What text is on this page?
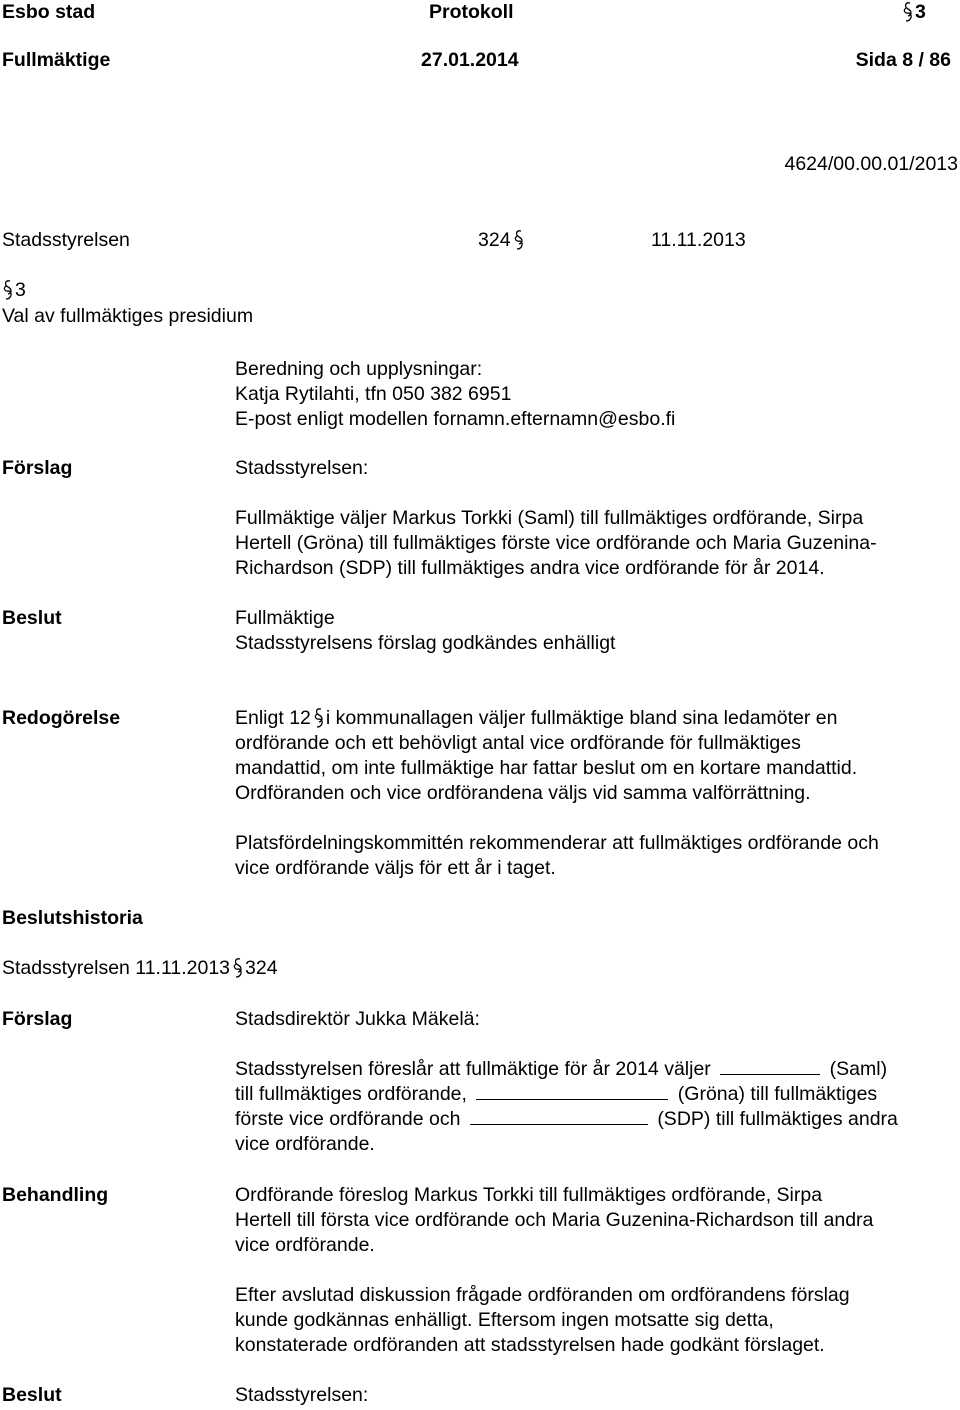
Esbo stad	Protokoll	3
Fullmäktige	27.01.2014	Sida 8 / 86
4624/00.00.01/2013
Stadsstyrelsen	324	11.11.2013
3
Val av fullmäktiges presidium
Beredning och upplysningar:
Katja Rytilahti, tfn 050 382 6951
E-post enligt modellen fornamn.efternamn@esbo.fi
Förslag	Stadsstyrelsen:
Fullmäktige väljer Markus Torkki (Saml) till fullmäktiges ordförande, Sirpa
Hertell (Gröna) till fullmäktiges förste vice ordförande och Maria Guzenina-
Richardson (SDP) till fullmäktiges andra vice ordförande för år 2014.
Beslut	Fullmäktige
Stadsstyrelsens förslag godkändes enhälligt
Redogörelse	Enligt 12 i kommunallagen väljer fullmäktige bland sina ledamöter en
ordförande och ett behövligt antal vice ordförande för fullmäktiges
mandattid, om inte fullmäktige har fattar beslut om en kortare mandattid.
Ordföranden och vice ordförandena väljs vid samma valförrättning.
Platsfördelningskommittén rekommenderar att fullmäktiges ordförande och
vice ordförande väljs för ett år i taget.
Beslutshistoria
Stadsstyrelsen 11.11.2013 324
Förslag	Stadsdirektör Jukka Mäkelä:
Stadsstyrelsen föreslår att fullmäktige för år 2014 väljer	(Saml)
till fullmäktiges ordförande,	(Gröna) till fullmäktiges
förste vice ordförande och	(SDP) till fullmäktiges andra
vice ordförande.
Behandling	Ordförande föreslog Markus Torkki till fullmäktiges ordförande, Sirpa
Hertell till första vice ordförande och Maria Guzenina-Richardson till andra
vice ordförande.
Efter avslutad diskussion frågade ordföranden om ordförandens förslag
kunde godkännas enhälligt. Eftersom ingen motsatte sig detta,
konstaterade ordföranden att stadsstyrelsen hade godkänt förslaget.
Beslut	Stadsstyrelsen:
